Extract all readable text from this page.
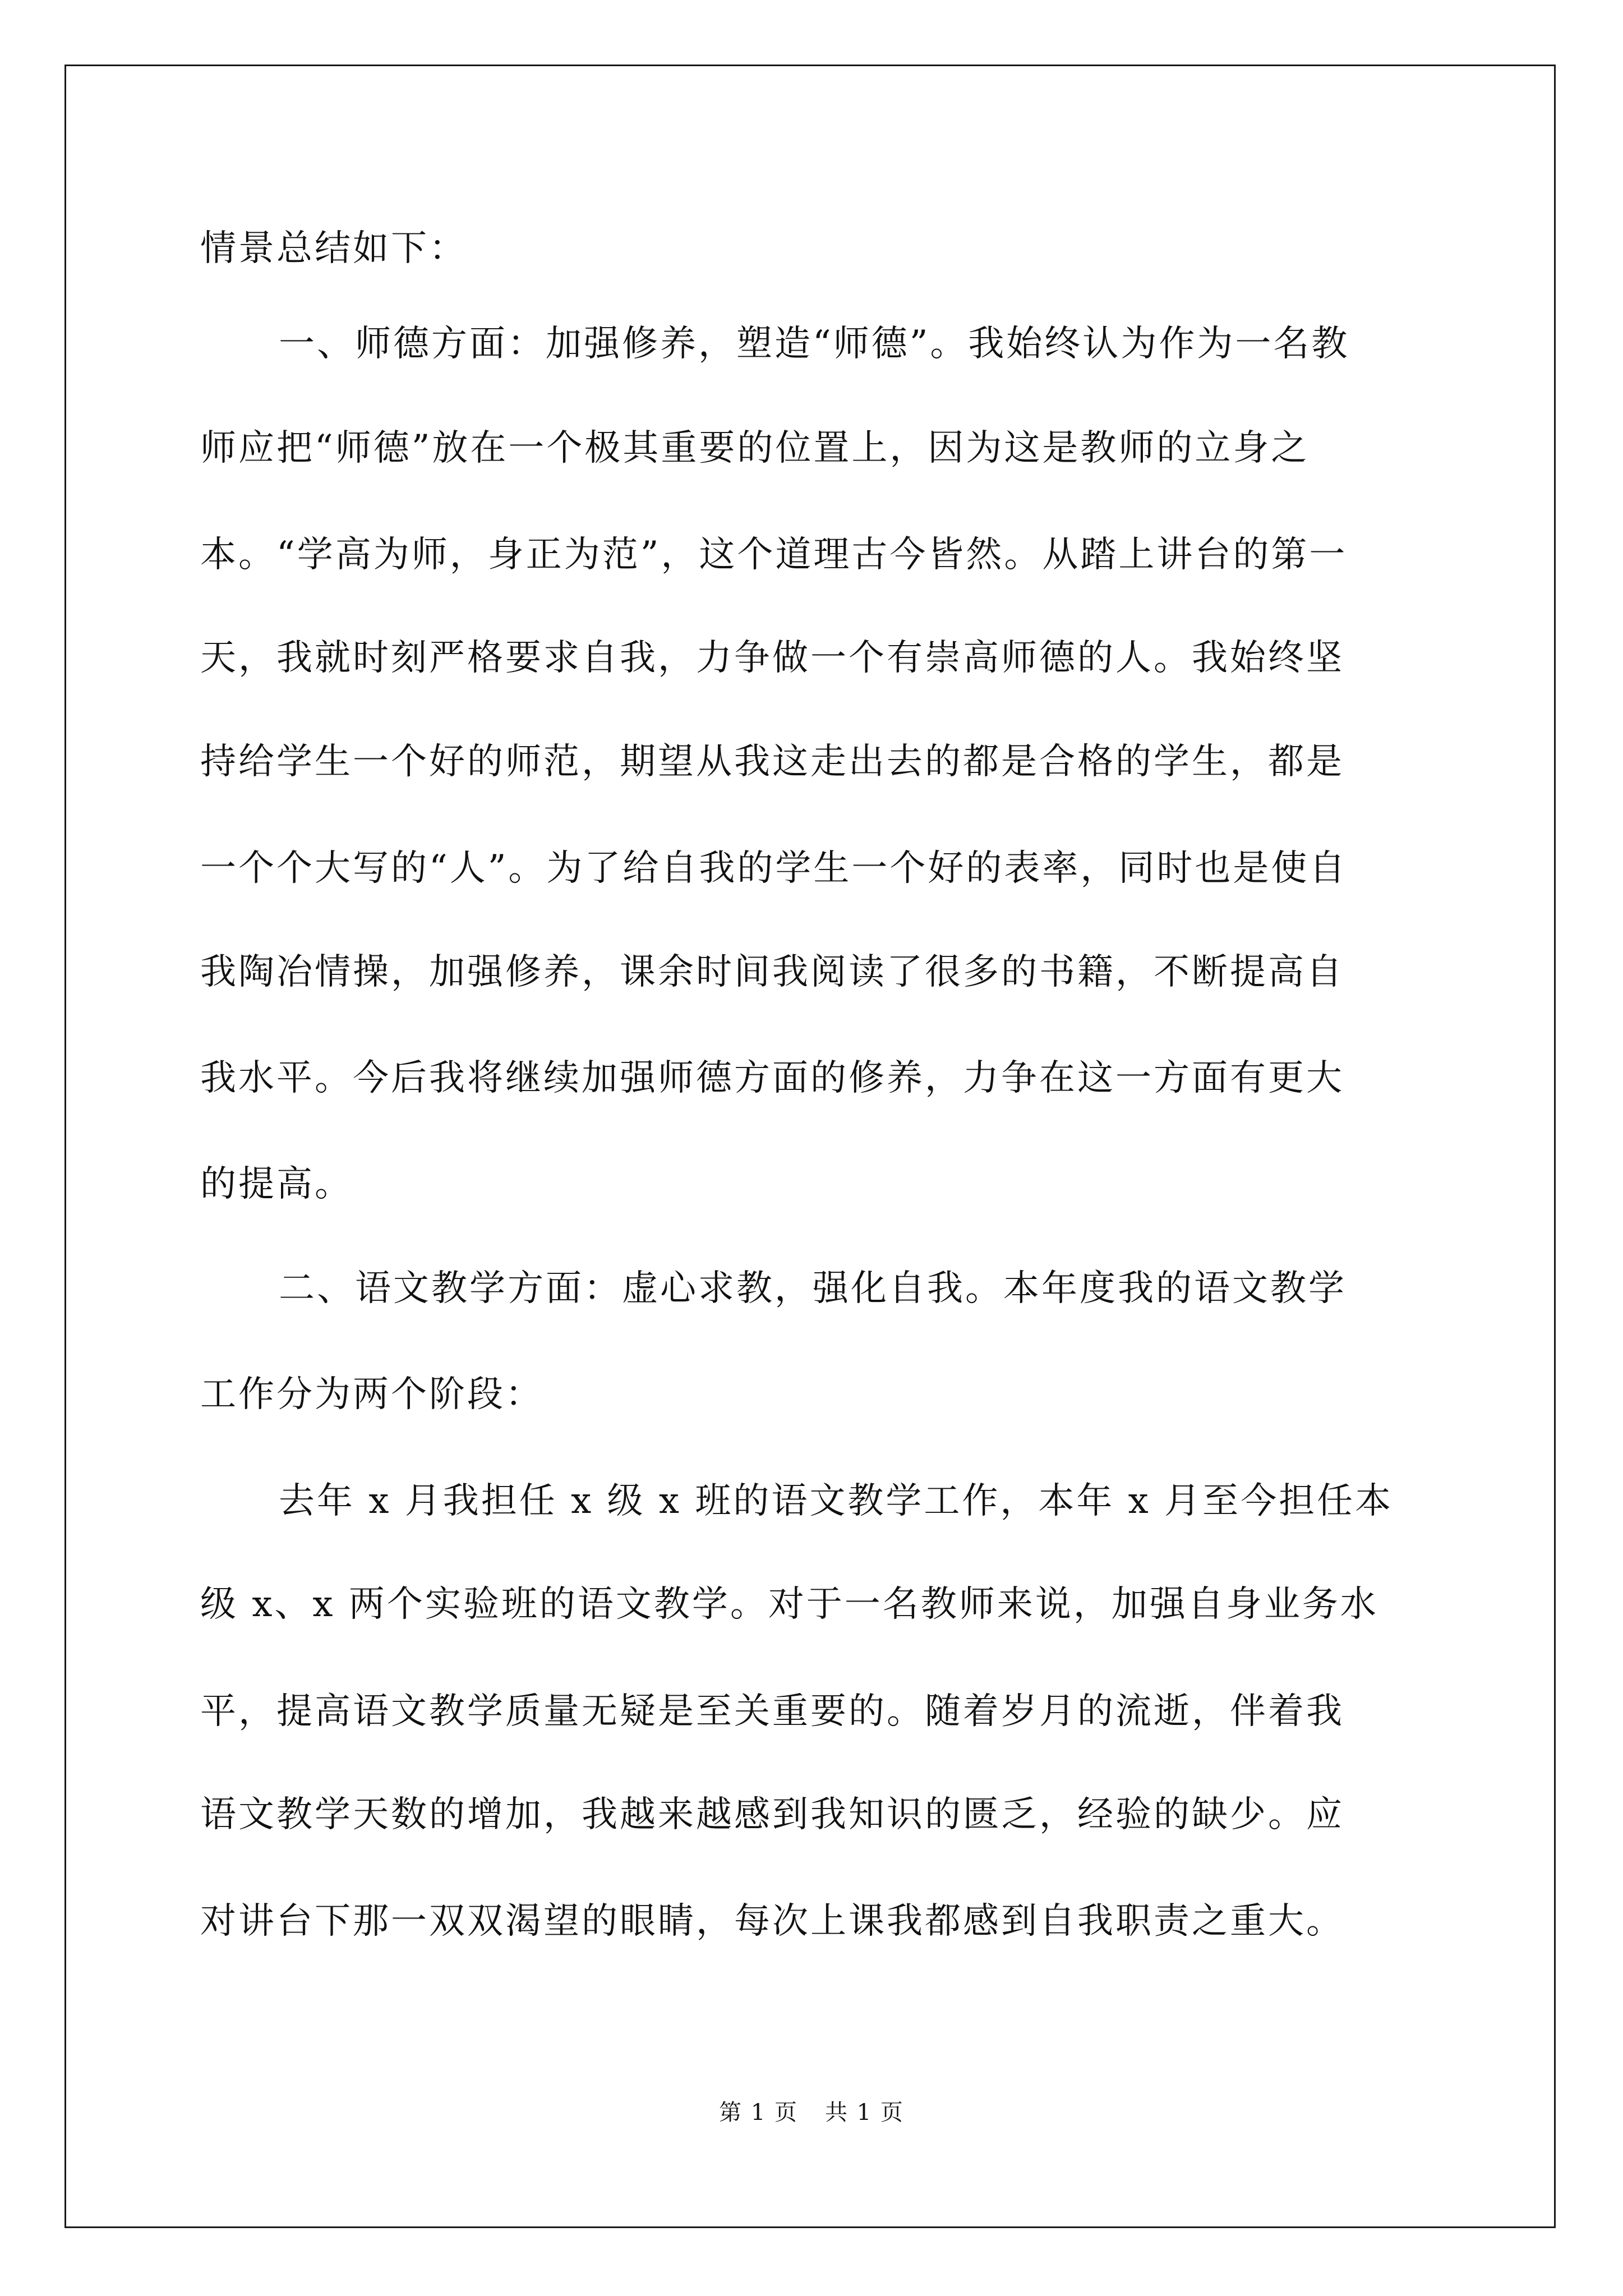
情景总结如下：
一、师德方面：加强修养，塑造“师德”。我始终认为作为一名教
师应把“师德”放在一个极其重要的位置上，因为这是教师的立身之
本。“学高为师，身正为范”，这个道理古今皆然。从踏上讲台的第一
天，我就时刻严格要求自我，力争做一个有崇高师德的人。我始终坚
持给学生一个好的师范，期望从我这走出去的都是合格的学生，都是
一个个大写的“人”。为了给自我的学生一个好的表率，同时也是使自
我陶冶情操，加强修养，课余时间我阅读了很多的书籍，不断提高自
我水平。今后我将继续加强师德方面的修养，力争在这一方面有更大
的提高。
二、语文教学方面：虚心求教，强化自我。本年度我的语文教学
工作分为两个阶段：
去年 x 月我担任 x 级 x 班的语文教学工作，本年 x 月至今担任本
级 x、x 两个实验班的语文教学。对于一名教师来说，加强自身业务水
平，提高语文教学质量无疑是至关重要的。随着岁月的流逝，伴着我
语文教学天数的增加，我越来越感到我知识的匮乏，经验的缺少。应
对讲台下那一双双渴望的眼睛，每次上课我都感到自我职责之重大。
第 1 页 共 1 页
